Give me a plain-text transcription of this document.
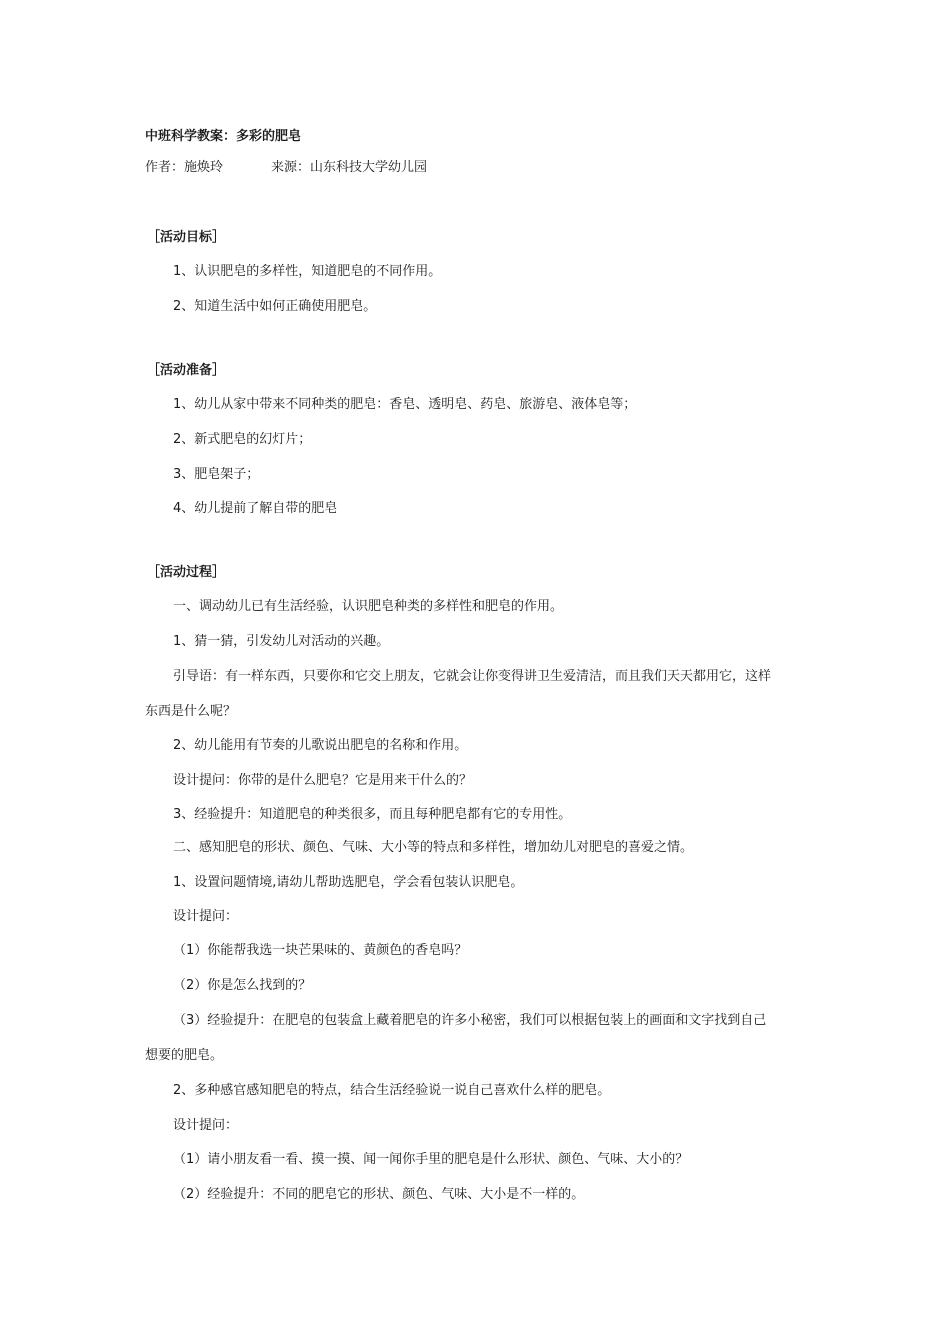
中班科学教案：多彩的肥皂
作者：施焕玲	来源：山东科技大学幼儿园
［活动目标］
1、认识肥皂的多样性，知道肥皂的不同作用。
2、知道生活中如何正确使用肥皂。
［活动准备］
1、幼儿从家中带来不同种类的肥皂：香皂、透明皂、药皂、旅游皂、液体皂等；
2、新式肥皂的幻灯片；
3、肥皂架子；
4、幼儿提前了解自带的肥皂
［活动过程］
一、调动幼儿已有生活经验，认识肥皂种类的多样性和肥皂的作用。
1、猜一猜，引发幼儿对活动的兴趣。
引导语：有一样东西，只要你和它交上朋友，它就会让你变得讲卫生爱清洁，而且我们天天都用它，这样
东西是什么呢？
2、幼儿能用有节奏的儿歌说出肥皂的名称和作用。
设计提问：你带的是什么肥皂？它是用来干什么的？
3、经验提升：知道肥皂的种类很多，而且每种肥皂都有它的专用性。
二、感知肥皂的形状、颜色、气味、大小等的特点和多样性，增加幼儿对肥皂的喜爱之情。
1、设置问题情境,请幼儿帮助选肥皂，学会看包装认识肥皂。
设计提问：
（1）你能帮我选一块芒果味的、黄颜色的香皂吗？
（2）你是怎么找到的？
（3）经验提升：在肥皂的包装盒上藏着肥皂的许多小秘密，我们可以根据包装上的画面和文字找到自己
想要的肥皂。
2、多种感官感知肥皂的特点，结合生活经验说一说自己喜欢什么样的肥皂。
设计提问：
（1）请小朋友看一看、摸一摸、闻一闻你手里的肥皂是什么形状、颜色、气味、大小的？
（2）经验提升：不同的肥皂它的形状、颜色、气味、大小是不一样的。
